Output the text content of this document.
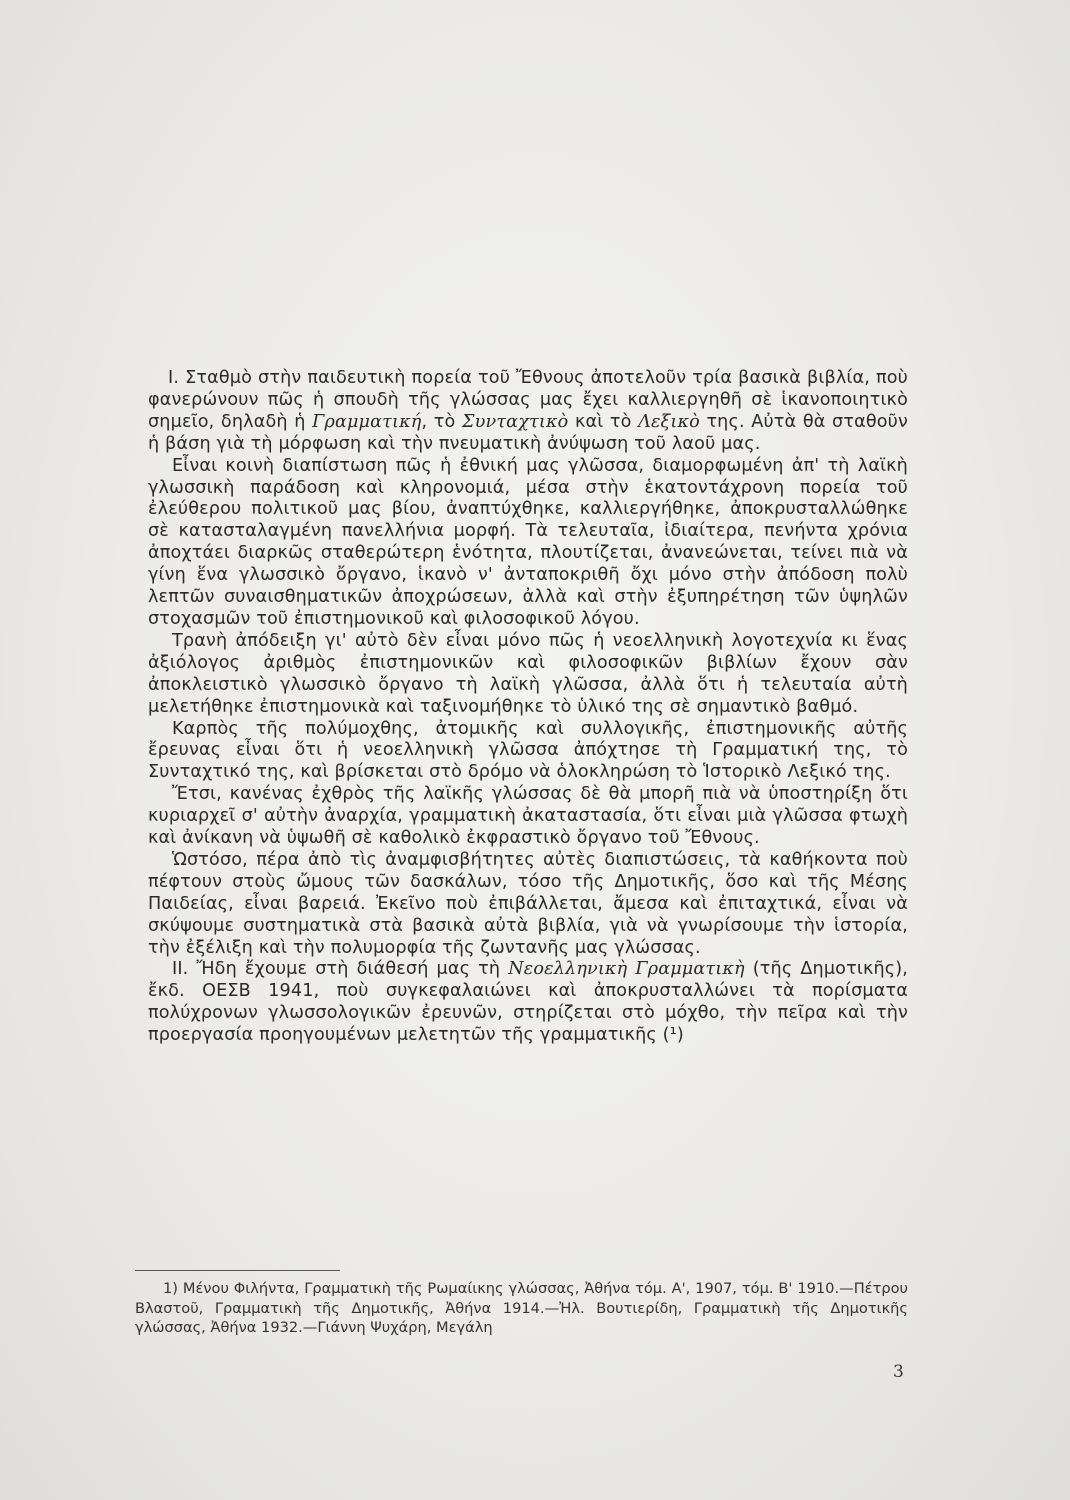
I. Σταθμὸ στὴν παιδευτικὴ πορεία τοῦ Ἔθνους ἀποτελοῦν τρία βασικὰ βιβλία, ποὺ φανερώνουν πῶς ἡ σπουδὴ τῆς γλώσσας μας ἔχει καλλιεργηθῆ σὲ ἱκανοποιητικὸ σημεῖο, δηλαδὴ ἡ Γραμματική, τὸ Συνταχτικὸ καὶ τὸ Λεξικὸ της. Αὐτὰ θὰ σταθοῦν ἡ βάση γιὰ τὴ μόρφωση καὶ τὴν πνευματικὴ ἀνύψωση τοῦ λαοῦ μας.

Εἶναι κοινὴ διαπίστωση πῶς ἡ ἐθνική μας γλῶσσα, διαμορφωμένη ἀπ' τὴ λαϊκὴ γλωσσικὴ παράδοση καὶ κληρονομιά, μέσα στὴν ἑκατοντάχρονη πορεία τοῦ ἐλεύθερου πολιτικοῦ μας βίου, ἀναπτύχθηκε, καλλιεργήθηκε, ἀποκρυσταλλώθηκε σὲ κατασταλαγμένη πανελλήνια μορφή. Τὰ τελευταῖα, ἰδιαίτερα, πενήντα χρόνια ἀποχτάει διαρκῶς σταθερώτερη ἑνότητα, πλουτίζεται, ἀνανεώνεται, τείνει πιὰ νὰ γίνη ἕνα γλωσσικὸ ὄργανο, ἱκανὸ ν' ἀνταποκριθῆ ὄχι μόνο στὴν ἀπόδοση πολὺ λεπτῶν συναισθηματικῶν ἀποχρώσεων, ἀλλὰ καὶ στὴν ἐξυπηρέτηση τῶν ὑψηλῶν στοχασμῶν τοῦ ἐπιστημονικοῦ καὶ φιλοσοφικοῦ λόγου.

Τρανὴ ἀπόδειξη γι' αὐτὸ δὲν εἶναι μόνο πῶς ἡ νεοελληνικὴ λογοτεχνία κι ἕνας ἀξιόλογος ἀριθμὸς ἐπιστημονικῶν καὶ φιλοσοφικῶν βιβλίων ἔχουν σὰν ἀποκλειστικὸ γλωσσικὸ ὄργανο τὴ λαϊκὴ γλῶσσα, ἀλλὰ ὅτι ἡ τελευταία αὐτὴ μελετήθηκε ἐπιστημονικὰ καὶ ταξινομήθηκε τὸ ὑλικό της σὲ σημαντικὸ βαθμό.

Καρπὸς τῆς πολύμοχθης, ἀτομικῆς καὶ συλλογικῆς, ἐπιστημονικῆς αὐτῆς ἔρευνας εἶναι ὅτι ἡ νεοελληνικὴ γλῶσσα ἀπόχτησε τὴ Γραμματική της, τὸ Συνταχτικό της, καὶ βρίσκεται στὸ δρόμο νὰ ὁλοκληρώση τὸ Ἱστορικὸ Λεξικό της.

Ἔτσι, κανένας ἐχθρὸς τῆς λαϊκῆς γλώσσας δὲ θὰ μπορῆ πιὰ νὰ ὑποστηρίξη ὅτι κυριαρχεῖ σ' αὐτὴν ἀναρχία, γραμματικὴ ἀκαταστασία, ὅτι εἶναι μιὰ γλῶσσα φτωχὴ καὶ ἀνίκανη νὰ ὑψωθῆ σὲ καθολικὸ ἐκφραστικὸ ὄργανο τοῦ Ἔθνους.

Ὡστόσο, πέρα ἀπὸ τὶς ἀναμφισβήτητες αὐτὲς διαπιστώσεις, τὰ καθήκοντα ποὺ πέφτουν στοὺς ὤμους τῶν δασκάλων, τόσο τῆς Δημοτικῆς, ὅσο καὶ τῆς Μέσης Παιδείας, εἶναι βαρειά. Ἐκεῖνο ποὺ ἐπιβάλλεται, ἄμεσα καὶ ἐπιταχτικά, εἶναι νὰ σκύψουμε συστηματικὰ στὰ βασικὰ αὐτὰ βιβλία, γιὰ νὰ γνωρίσουμε τὴν ἱστορία, τὴν ἐξέλιξη καὶ τὴν πολυμορφία τῆς ζωντανῆς μας γλώσσας.

II. Ἤδη ἔχουμε στὴ διάθεσή μας τὴ Νεοελληνικὴ Γραμματικὴ (τῆς Δημοτικῆς), ἔκδ. ΟΕΣΒ 1941, ποὺ συγκεφαλαιώνει καὶ ἀποκρυσταλλώνει τὰ πορίσματα πολύχρονων γλωσσολογικῶν ἐρευνῶν, στηρίζεται στὸ μόχθο, τὴν πεῖρα καὶ τὴν προεργασία προηγουμένων μελετητῶν τῆς γραμματικῆς (¹)

1) Μένου Φιλήντα, Γραμματικὴ τῆς Ρωμαίικης γλώσσας, Ἀθήνα τόμ. Α', 1907, τόμ. Β' 1910.—Πέτρου Βλαστοῦ, Γραμματικὴ τῆς Δημοτικῆς, Ἀθήνα 1914.—Ἠλ. Βουτιερίδη, Γραμματικὴ τῆς Δημοτικῆς γλώσσας, Ἀθήνα 1932.—Γιάννη Ψυχάρη, Μεγάλη

3
